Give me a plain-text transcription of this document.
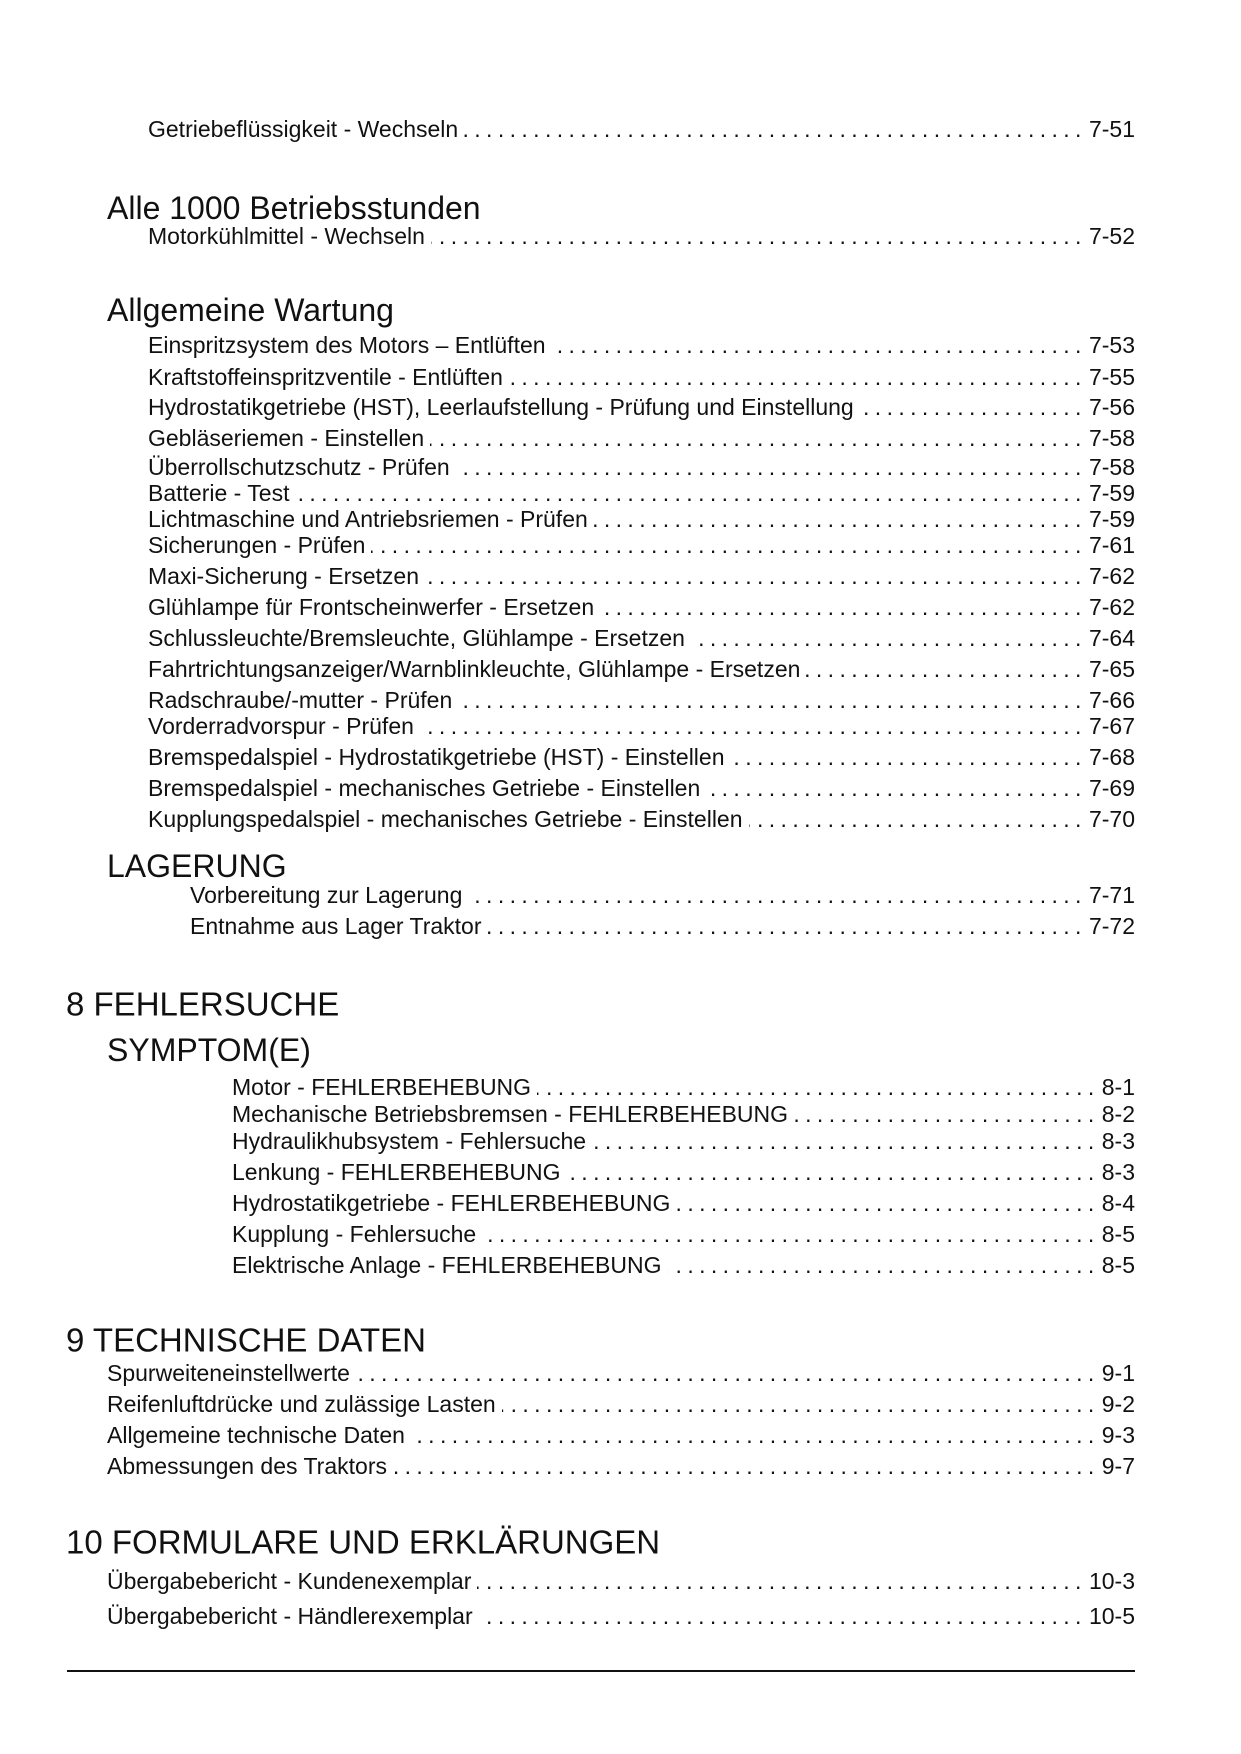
Getriebeflüssigkeit - Wechseln . . .	7-51
Alle 1000 Betriebsstunden
Motorkühlmittel - Wechseln . . .	7-52
Allgemeine Wartung
Einspritzsystem des Motors – Entlüften . . .	7-53
Kraftstoffeinspritzventile - Entlüften . . .	7-55
Hydrostatikgetriebe (HST), Leerlaufstellung - Prüfung und Einstellung . . .	7-56
Gebläseriemen - Einstellen . . .	7-58
Überrollschutzschutz - Prüfen . . .	7-58
Batterie - Test . . .	7-59
Lichtmaschine und Antriebsriemen - Prüfen . . .	7-59
Sicherungen - Prüfen . . .	7-61
Maxi-Sicherung - Ersetzen . . .	7-62
Glühlampe für Frontscheinwerfer - Ersetzen . . .	7-62
Schlussleuchte/Bremsleuchte, Glühlampe - Ersetzen . . .	7-64
Fahrtrichtungsanzeiger/Warnblinkleuchte, Glühlampe - Ersetzen . . .	7-65
Radschraube/-mutter - Prüfen . . .	7-66
Vorderradvorspur - Prüfen . . .	7-67
Bremspedalspiel - Hydrostatikgetriebe (HST) - Einstellen . . .	7-68
Bremspedalspiel - mechanisches Getriebe - Einstellen . . .	7-69
Kupplungspedalspiel - mechanisches Getriebe - Einstellen . . .	7-70
LAGERUNG
Vorbereitung zur Lagerung . . .	7-71
Entnahme aus Lager Traktor . . .	7-72
8 FEHLERSUCHE
SYMPTOM(E)
Motor - FEHLERBEHEBUNG . . .	8-1
Mechanische Betriebsbremsen - FEHLERBEHEBUNG . . .	8-2
Hydraulikhubsystem - Fehlersuche . . .	8-3
Lenkung - FEHLERBEHEBUNG . . .	8-3
Hydrostatikgetriebe - FEHLERBEHEBUNG . . .	8-4
Kupplung - Fehlersuche . . .	8-5
Elektrische Anlage - FEHLERBEHEBUNG . . .	8-5
9 TECHNISCHE DATEN
Spurweiteneinstellwerte . . .	9-1
Reifenluftdrücke und zulässige Lasten . . .	9-2
Allgemeine technische Daten . . .	9-3
Abmessungen des Traktors . . .	9-7
10 FORMULARE UND ERKLÄRUNGEN
Übergabebericht - Kundenexemplar . . .	10-3
Übergabebericht - Händlerexemplar . . .	10-5
